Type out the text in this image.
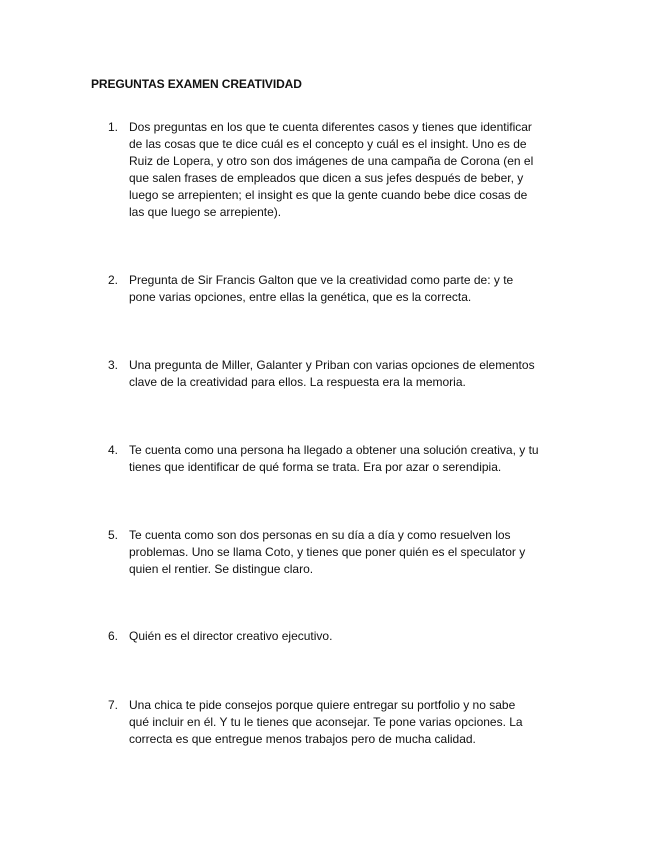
PREGUNTAS EXAMEN CREATIVIDAD
1. Dos preguntas en los que te cuenta diferentes casos y tienes que identificar
de las cosas que te dice cuál es el concepto y cuál es el insight. Uno es de
Ruiz de Lopera, y otro son dos imágenes de una campaña de Corona (en el
que salen frases de empleados que dicen a sus jefes después de beber, y
luego se arrepienten; el insight es que la gente cuando bebe dice cosas de
las que luego se arrepiente).
2. Pregunta de Sir Francis Galton que ve la creatividad como parte de: y te
pone varias opciones, entre ellas la genética, que es la correcta.
3. Una pregunta de Miller, Galanter y Priban con varias opciones de elementos
clave de la creatividad para ellos. La respuesta era la memoria.
4. Te cuenta como una persona ha llegado a obtener una solución creativa, y tu
tienes que identificar de qué forma se trata. Era por azar o serendipia.
5. Te cuenta como son dos personas en su día a día y como resuelven los
problemas. Uno se llama Coto, y tienes que poner quién es el speculator y
quien el rentier. Se distingue claro.
6. Quién es el director creativo ejecutivo.
7. Una chica te pide consejos porque quiere entregar su portfolio y no sabe
qué incluir en él. Y tu le tienes que aconsejar. Te pone varias opciones. La
correcta es que entregue menos trabajos pero de mucha calidad.
